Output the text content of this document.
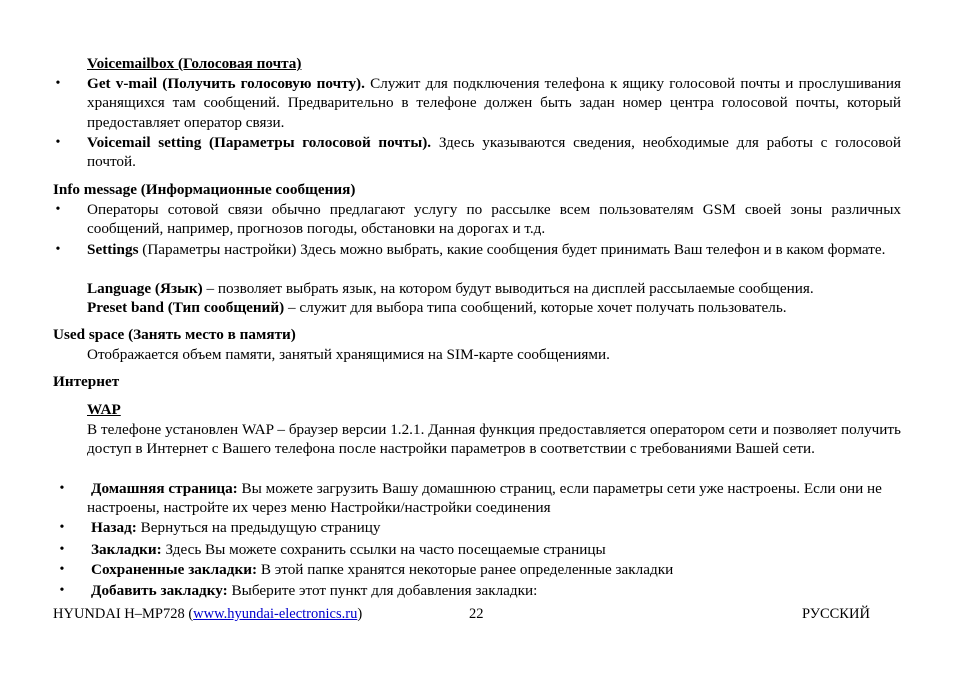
Voicemailbox (Голосовая почта)
• Get v-mail (Получить голосовую почту). Служит для подключения телефона к ящику голосовой почты и прослушивания хранящихся там сообщений. Предварительно в телефоне должен быть задан номер центра голосовой почты, который предоставляет оператор связи.
• Voicemail setting (Параметры голосовой почты). Здесь указываются сведения, необходимые для работы с голосовой почтой.
Info message (Информационные сообщения)
• Операторы сотовой связи обычно предлагают услугу по рассылке всем пользователям GSM своей зоны различных сообщений, например, прогнозов погоды, обстановки на дорогах и т.д.
• Settings (Параметры настройки) Здесь можно выбрать, какие сообщения будет принимать Ваш телефон и в каком формате.
Language (Язык) – позволяет выбрать язык, на котором будут выводиться на дисплей рассылаемые сообщения.
Preset band (Тип сообщений) – служит для выбора типа сообщений, которые хочет получать пользователь.
Used space (Занять место в памяти)
Отображается объем памяти, занятый хранящимися на SIM-карте сообщениями.
Интернет
WAP
В телефоне установлен WAP – браузер версии 1.2.1. Данная функция предоставляется оператором сети и позволяет получить доступ в Интернет с Вашего телефона после настройки параметров в соответствии с требованиями Вашей сети.
• Домашняя страница: Вы можете загрузить Вашу домашнюю страниц, если параметры сети уже настроены. Если они не настроены, настройте их через меню Настройки/настройки соединения
• Назад: Вернуться на предыдущую страницу
• Закладки: Здесь Вы можете сохранить ссылки на часто посещаемые страницы
• Сохраненные закладки: В этой папке хранятся некоторые ранее определенные закладки
• Добавить закладку: Выберите этот пункт для добавления закладки:
HYUNDAI H–MP728 (www.hyundai-electronics.ru)	22	РУССКИЙ
